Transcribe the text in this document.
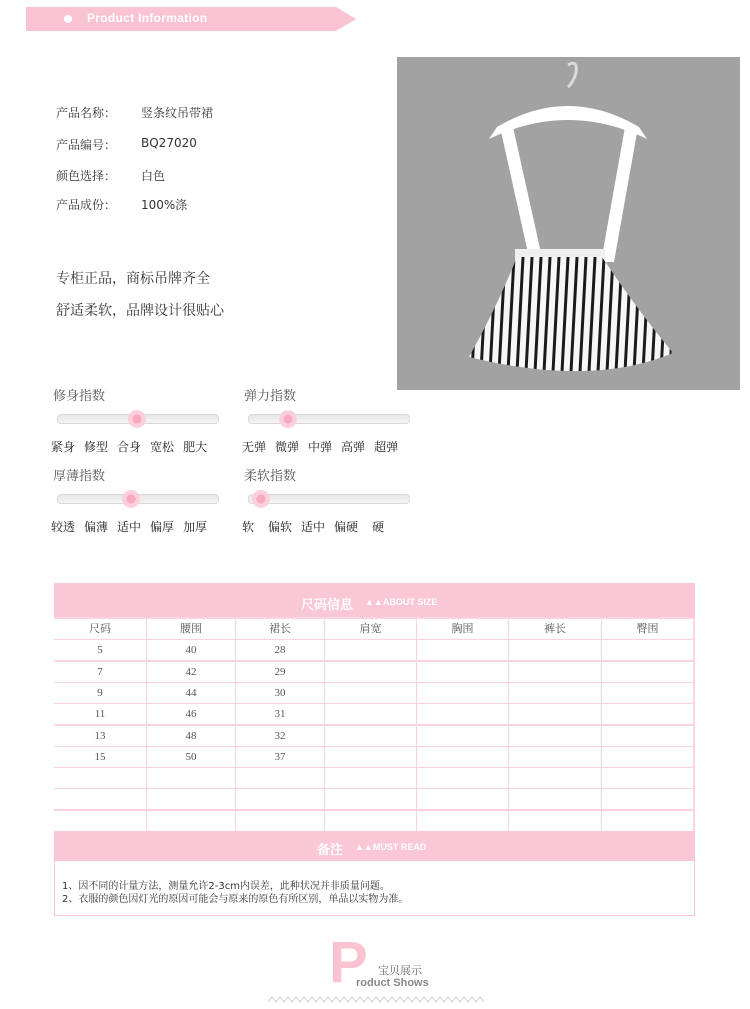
Product Information
产品名称： 竖条纹吊带裙
产品编号： BQ27020
颜色选择： 白色
产品成份： 100%涤
专柜正品，商标吊牌齐全
舒适柔软，品牌设计很贴心
修身指数
紧身 修型 合身 宽松 肥大
弹力指数
无弹 微弹 中弹 高弹 超弹
厚薄指数
较透 偏薄 适中 偏厚 加厚
柔软指数
软 偏软 适中 偏硬 硬
尺码信息 ▲▲ABOUT SIZE
尺码	腰围	裙长	肩宽	胸围	裤长	臀围
5	40	28
7	42	29
9	44	30
11	46	31
13	48	32
15	50	37
备注 ▲▲MUST READ
1、因不同的计量方法，测量允许2-3cm内误差，此种状况并非质量问题。
2、衣服的颜色因灯光的原因可能会与原来的原色有所区别，单品以实物为准。
P 宝贝展示
roduct Shows
